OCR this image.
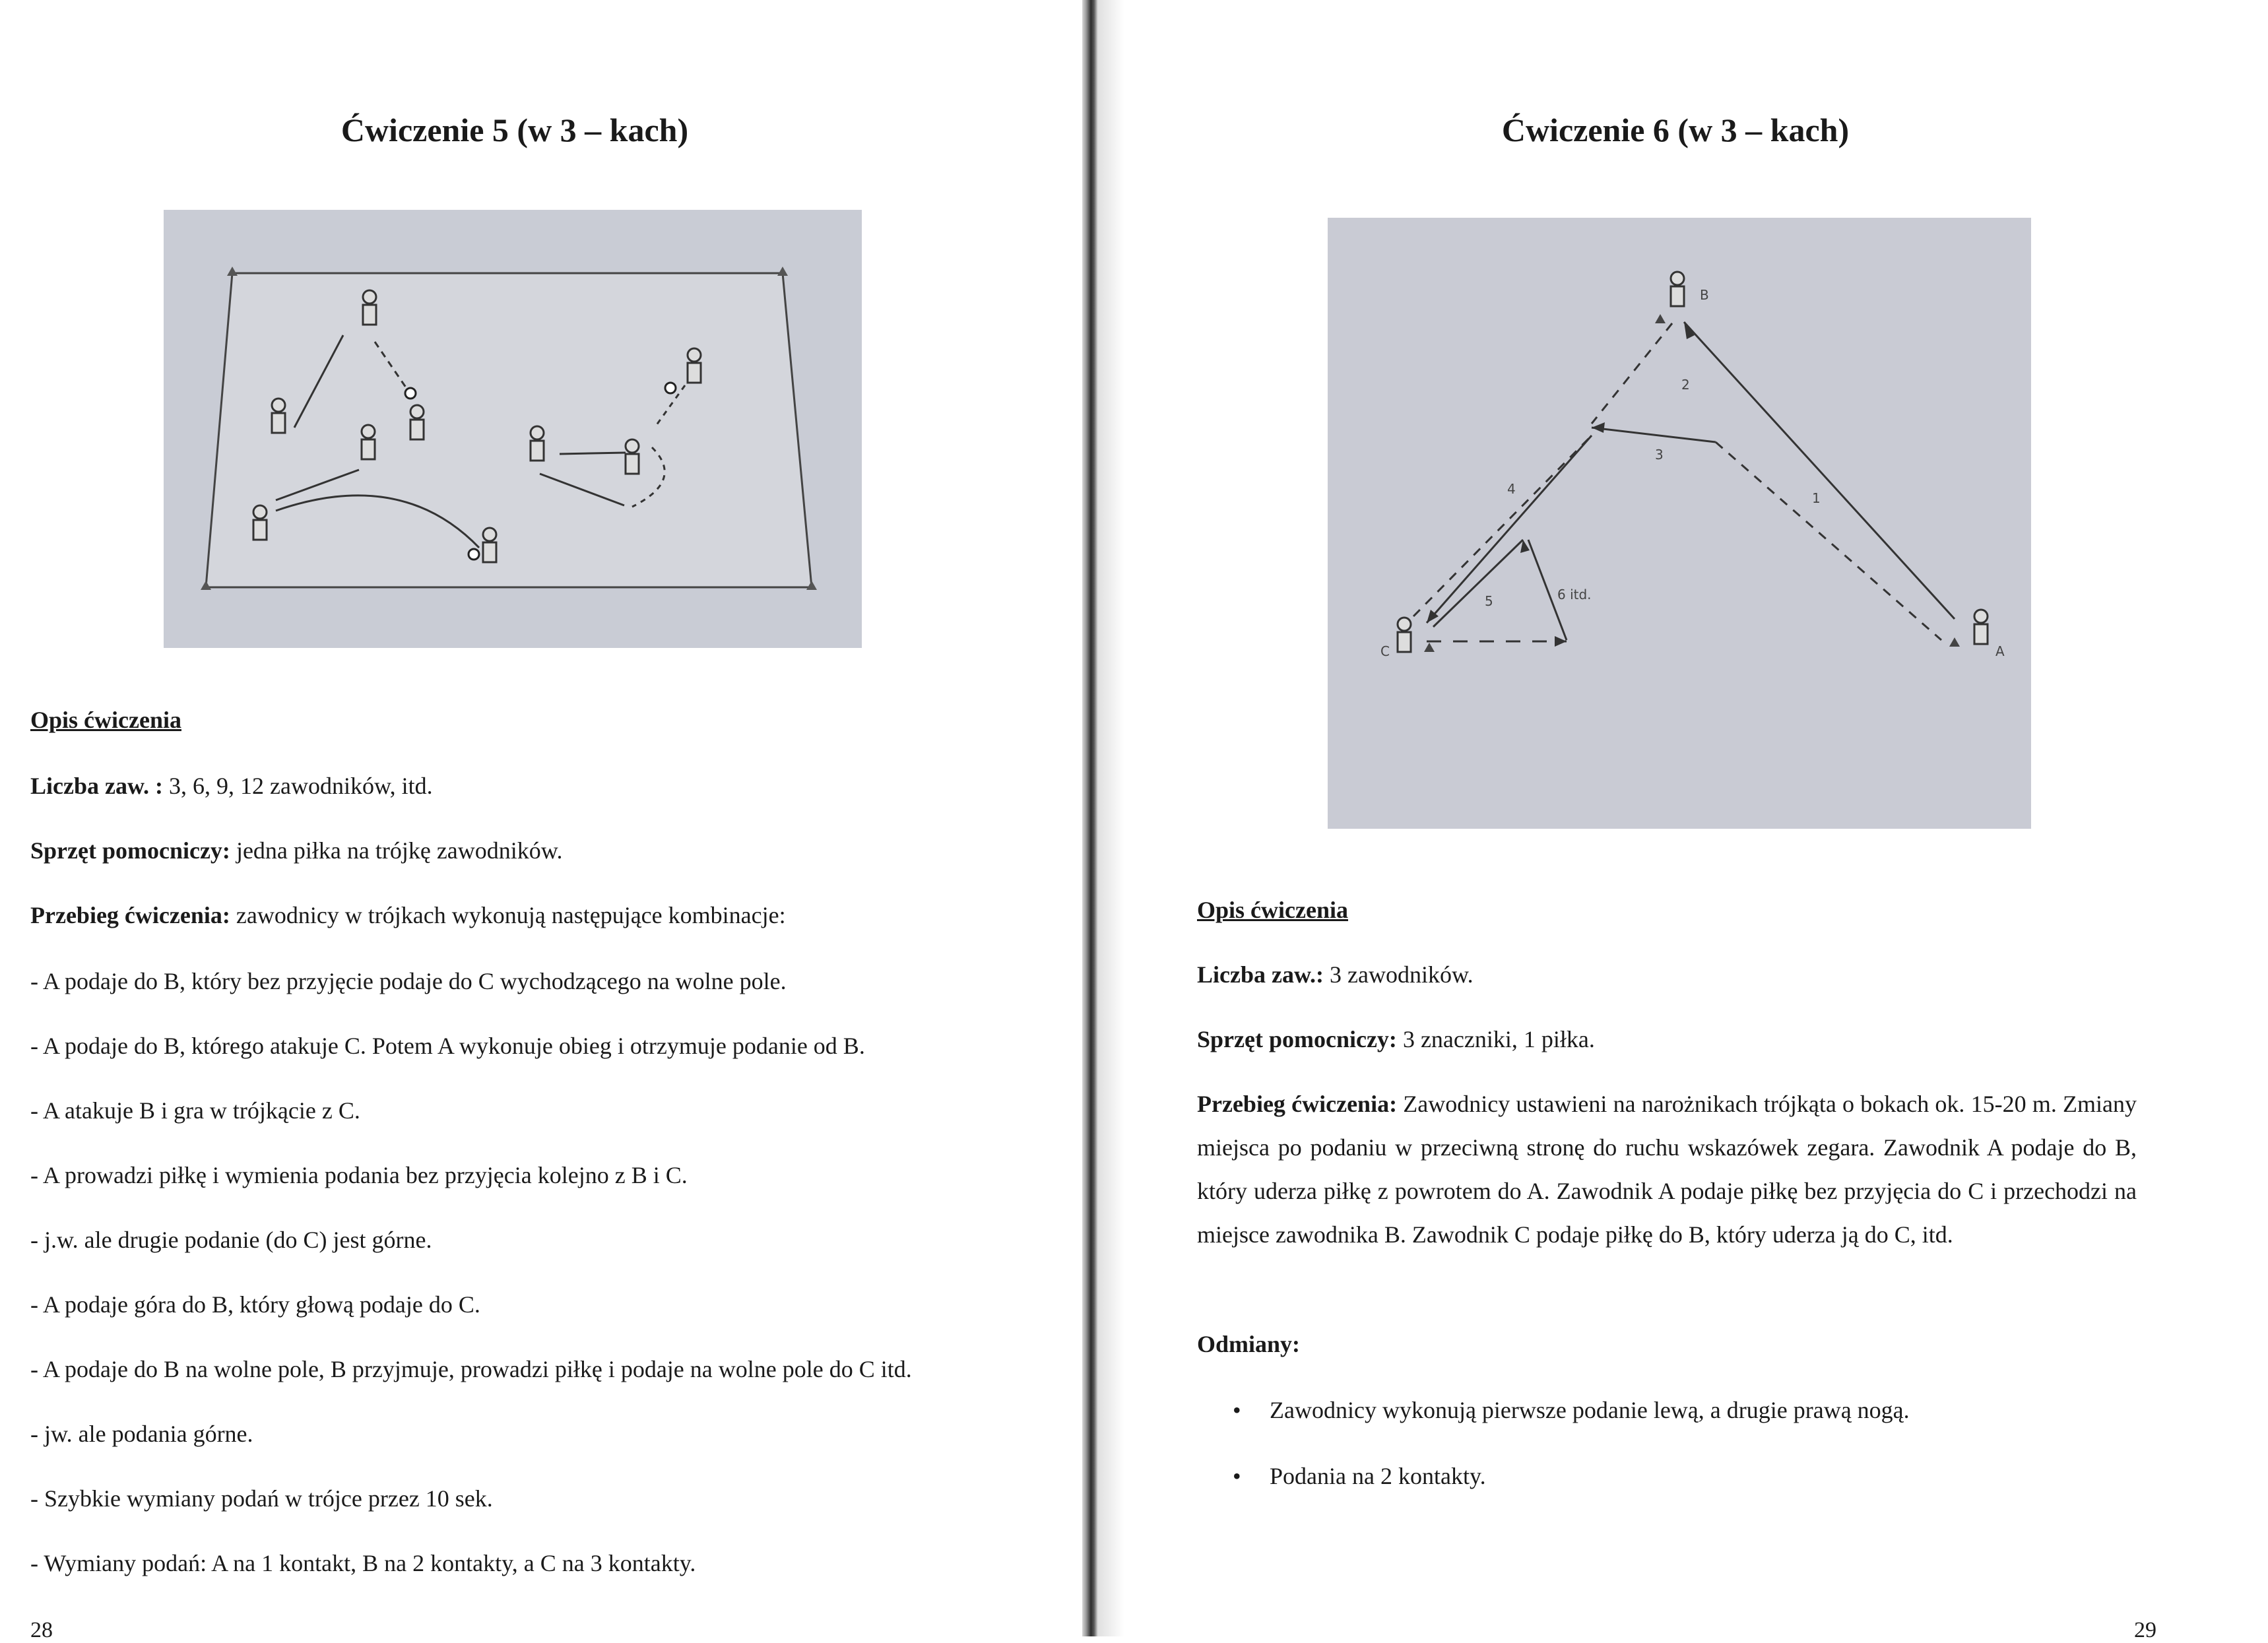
Ćwiczenie 5 (w 3 – kach)
Opis ćwiczenia
Liczba zaw. : 3, 6, 9, 12 zawodników, itd.
Sprzęt pomocniczy: jedna piłka na trójkę zawodników.
Przebieg ćwiczenia: zawodnicy w trójkach wykonują następujące kombinacje:
- A podaje do B, który bez przyjęcie podaje do C wychodzącego na wolne pole.
- A podaje do B, którego atakuje C. Potem A wykonuje obieg i otrzymuje podanie od B.
- A atakuje B i gra w trójkącie z C.
- A prowadzi piłkę i wymienia podania bez przyjęcia kolejno z B i C.
- j.w. ale drugie podanie (do C) jest górne.
- A podaje góra do B, który głową podaje do C.
- A podaje do B na wolne pole, B przyjmuje, prowadzi piłkę i podaje na wolne pole do C itd.
- jw. ale podania górne.
- Szybkie wymiany podań w trójce przez 10 sek.
- Wymiany podań: A na 1 kontakt, B na 2 kontakty, a C na 3 kontakty.
28
Ćwiczenie 6 (w 3 – kach)
B
C	A
1
2
3
4
5	6 itd.
Opis ćwiczenia
Liczba zaw.: 3 zawodników.
Sprzęt pomocniczy: 3 znaczniki, 1 piłka.
Przebieg ćwiczenia: Zawodnicy ustawieni na narożnikach trójkąta o bokach ok. 15-20 m. Zmiany miejsca po podaniu w przeciwną stronę do ruchu wskazówek zegara. Zawodnik A podaje do B, który uderza piłkę z powrotem do A. Zawodnik A podaje piłkę bez przyjęcia do C i przechodzi na miejsce zawodnika B. Zawodnik C podaje piłkę do B, który uderza ją do C, itd.
Odmiany:
• Zawodnicy wykonują pierwsze podanie lewą, a drugie prawą nogą.
• Podania na 2 kontakty.
29
